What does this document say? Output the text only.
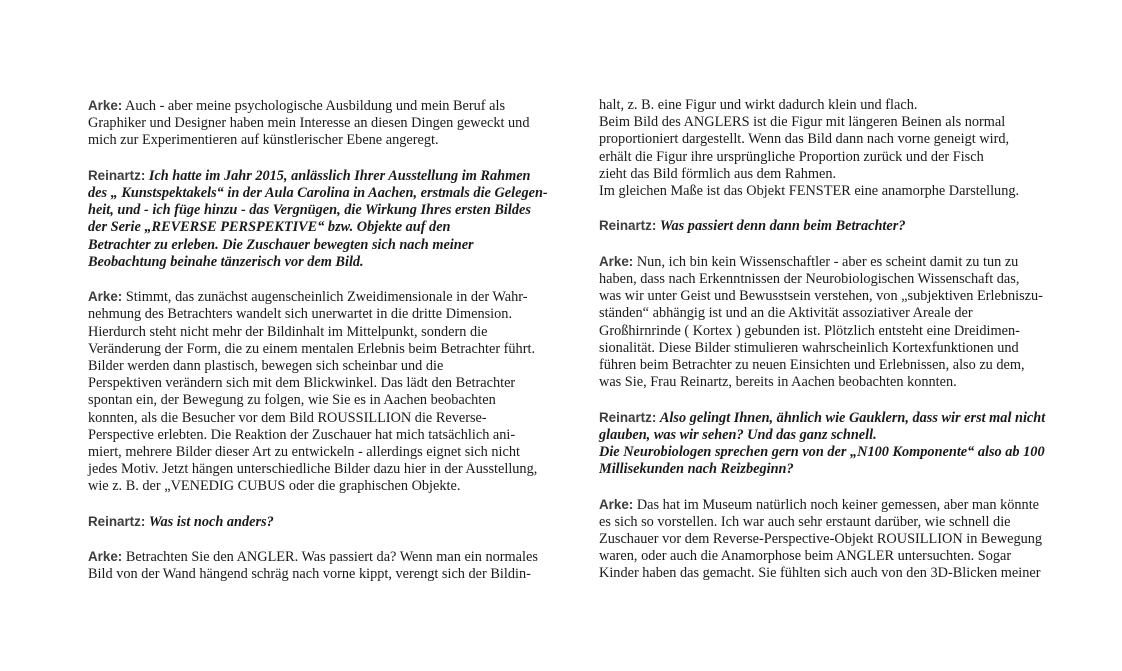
Arke: Auch - aber meine psychologische Ausbildung und mein Beruf als
Graphiker und Designer haben mein Interesse an diesen Dingen geweckt und
mich zur Experimentieren auf künstlerischer Ebene angeregt.
Reinartz: Ich hatte im Jahr 2015, anlässlich Ihrer Ausstellung im Rahmen
des „ Kunstspektakels“ in der Aula Carolina in Aachen, erstmals die Gelegen-
heit, und - ich füge hinzu - das Vergnügen, die Wirkung Ihres ersten Bildes
der Serie „REVERSE PERSPEKTIVE“ bzw. Objekte auf den
Betrachter zu erleben. Die Zuschauer bewegten sich nach meiner
Beobachtung beinahe tänzerisch vor dem Bild.
Arke: Stimmt, das zunächst augenscheinlich Zweidimensionale in der Wahr-
nehmung des Betrachters wandelt sich unerwartet in die dritte Dimension.
Hierdurch steht nicht mehr der Bildinhalt im Mittelpunkt, sondern die
Veränderung der Form, die zu einem mentalen Erlebnis beim Betrachter führt.
Bilder werden dann plastisch, bewegen sich scheinbar und die
Perspektiven verändern sich mit dem Blickwinkel. Das lädt den Betrachter
spontan ein, der Bewegung zu folgen, wie Sie es in Aachen beobachten
konnten, als die Besucher vor dem Bild ROUSSILLION die Reverse-
Perspective erlebten. Die Reaktion der Zuschauer hat mich tatsächlich ani-
miert, mehrere Bilder dieser Art zu entwickeln - allerdings eignet sich nicht
jedes Motiv. Jetzt hängen unterschiedliche Bilder dazu hier in der Ausstellung,
wie z. B. der „VENEDIG CUBUS oder die graphischen Objekte.
Reinartz: Was ist noch anders?
Arke: Betrachten Sie den ANGLER. Was passiert da? Wenn man ein normales
Bild von der Wand hängend schräg nach vorne kippt, verengt sich der Bildin-
halt, z. B. eine Figur und wirkt dadurch klein und flach.
Beim Bild des ANGLERS ist die Figur mit längeren Beinen als normal
proportioniert dargestellt. Wenn das Bild dann nach vorne geneigt wird,
erhält die Figur ihre ursprüngliche Proportion zurück und der Fisch
zieht das Bild förmlich aus dem Rahmen.
Im gleichen Maße ist das Objekt FENSTER eine anamorphe Darstellung.
Reinartz: Was passiert denn dann beim Betrachter?
Arke: Nun, ich bin kein Wissenschaftler - aber es scheint damit zu tun zu
haben, dass nach Erkenntnissen der Neurobiologischen Wissenschaft das,
was wir unter Geist und Bewusstsein verstehen, von „subjektiven Erlebniszu-
ständen“ abhängig ist und an die Aktivität assoziativer Areale der
Großhirnrinde ( Kortex ) gebunden ist. Plötzlich entsteht eine Dreidimen-
sionalität. Diese Bilder stimulieren wahrscheinlich Kortexfunktionen und
führen beim Betrachter zu neuen Einsichten und Erlebnissen, also zu dem,
was Sie, Frau Reinartz, bereits in Aachen beobachten konnten.
Reinartz: Also gelingt Ihnen, ähnlich wie Gauklern, dass wir erst mal nicht
glauben, was wir sehen? Und das ganz schnell.
Die Neurobiologen sprechen gern von der „N100 Komponente“ also ab 100
Millisekunden nach Reizbeginn?
Arke: Das hat im Museum natürlich noch keiner gemessen, aber man könnte
es sich so vorstellen. Ich war auch sehr erstaunt darüber, wie schnell die
Zuschauer vor dem Reverse-Perspective-Objekt ROUSILLION in Bewegung
waren, oder auch die Anamorphose beim ANGLER untersuchten. Sogar
Kinder haben das gemacht. Sie fühlten sich auch von den 3D-Blicken meiner
